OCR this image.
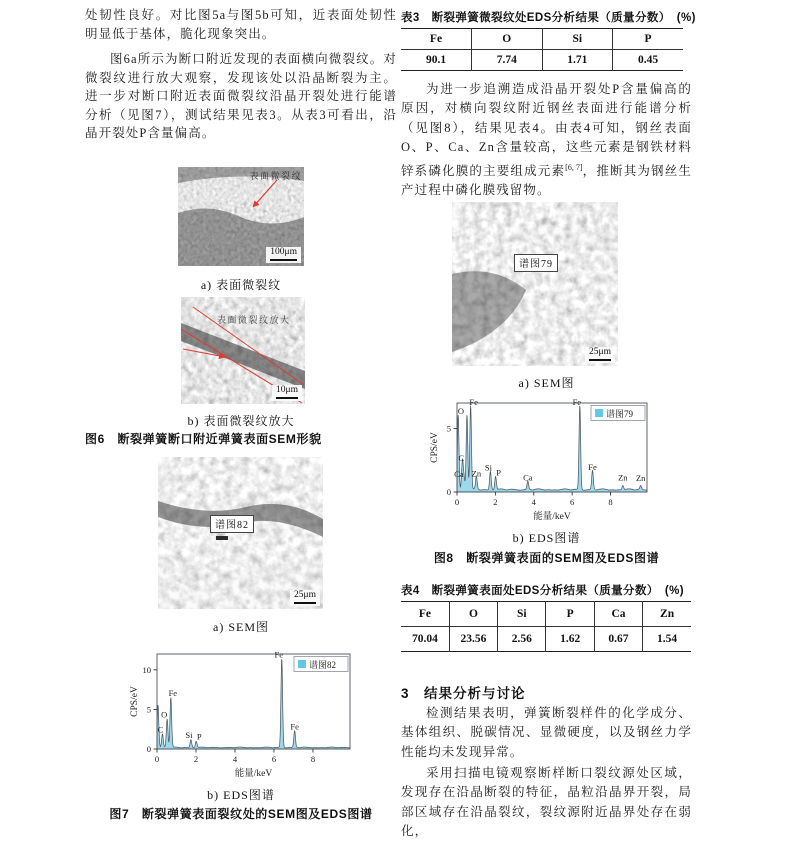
处韧性良好。对比图5a与图5b可知，近表面处韧性明显低于基体，脆化现象突出。

图6a所示为断口附近发现的表面横向微裂纹。对微裂纹进行放大观察，发现该处以沿晶断裂为主。进一步对断口附近表面微裂纹沿晶开裂处进行能谱分析（见图7），测试结果见表3。从表3可看出，沿晶开裂处P含量偏高。

表面微裂纹
100μm
a) 表面微裂纹
表面微裂纹放大
10μm
b) 表面微裂纹放大
图6　断裂弹簧断口附近弹簧表面SEM形貌
谱图82
25μm
a) SEM图
0	2	4	6	8
0
5
10
能量/keV
CPS/eV
C
O
Fe
Si P
Fe
Fe
谱图82
b) EDS图谱
图7　断裂弹簧表面裂纹处的SEM图及EDS图谱
表3　断裂弹簧微裂纹处EDS分析结果（质量分数）　(%)
Fe	O	Si	P
90.1	7.74	1.71	0.45

为进一步追溯造成沿晶开裂处P含量偏高的原因，对横向裂纹附近钢丝表面进行能谱分析（见图8），结果见表4。由表4可知，钢丝表面O、P、Ca、Zn含量较高，这些元素是钢铁材料锌系磷化膜的主要组成元素[6, 7]，推断其为钢丝生产过程中磷化膜残留物。

谱图79
25μm
a) SEM图
0	2	4	6	8
0
5
能量/keV
CPS/eV C
Ca
O
Fe
Zn
Si
P
Ca
Fe
Fe
Zn Zn
谱图79
b) EDS图谱
图8　断裂弹簧表面的SEM图及EDS图谱
表4　断裂弹簧表面处EDS分析结果（质量分数）　(%)
Fe	O	Si	P	Ca	Zn
70.04	23.56	2.56	1.62	0.67	1.54
3　结果分析与讨论

检测结果表明，弹簧断裂样件的化学成分、基体组织、脱碳情况、显微硬度，以及钢丝力学性能均未发现异常。

采用扫描电镜观察断样断口裂纹源处区域，发现存在沿晶断裂的特征，晶粒沿晶界开裂，局部区域存在沿晶裂纹，裂纹源附近晶界处存在弱化，
